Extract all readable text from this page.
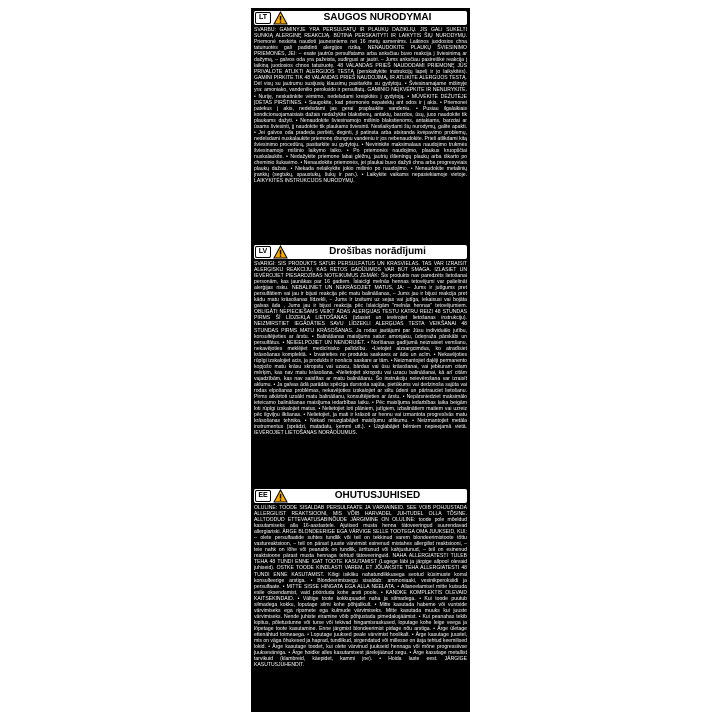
LT	SAUGOS NURODYMAI
SVARBU: GAMINYJE YRA PERSULFATŲ IR PLAUKŲ DAŽIKLIŲ. JIS GALI SUKELTI SUNKIĄ ALERGINĘ REAKCIJĄ. BŪTINA PERSKAITYTI IR LAIKYTIS ŠIŲ NURODYMŲ. Priemonė neskirta naudoti jaunesniems nei 16 metų asmenims. Laikinos juodosios chna tatuiruotės gali padidinti alergijos riziką. NENAUDOKITE PLAUKŲ ŠVIESINIMO PRIEMONĖS, JEI: – esate jautrūs persulfatams arba anksčiau buvo reakcija į šviesinimą ar dažymą, – galvos oda yra pažeista, sudirgusi ar jautri. – Jums anksčiau pasireiškė reakcija į laikiną juodosios chnos tatuiruotę. 48 VALANDAS PRIEŠ NAUDODAMI PRIEMONĘ JŪS PRIVALOTE ATLIKTI ALERGIJOS TESTĄ (perskaitykite instrukcijų lapelį ir jo laikykitės). GAMINI PIRKITE TIK 48 VALANDAS PRIEŠ NAUDOJIMĄ, IR ATLIKITE ALERGIJOS TESTĄ. Dėl visų su jautrumu susijusių klausimų pasitarkite su gydytoju. • Šviesinamajame mišinyje yra: amoniako, vandenilio peroksido ir persulfatų. GAMINIO NEĮKVĖPKITE IR NENURYKITE. • Nuriję, neskatinkite vėmimo, nedelsdami kreipkitės į gydytoją. • MŪVĖKITE DĖŽUTĖJE ĮDĖTAS PIRŠTINES. • Saugokite, kad priemonės nepatektų ant odos ir į akis. • Priemonei patekus į akis, nedelsdami jas gerai praplaukite vandeniu. • Pusiau ilgalaikiais kondicionuojamaisiais dažais nedažykite blakstienų, antakių, barzdos, ūsų, juos naudokite tik plaukams dažyti. • Nenaudokite šviesinamojo mišinio blakstienoms, antakiams, barzdai ar ūsams šviesinti, jį naudokite tik plaukams šviesinti. Nesilaikydami šių nurodymų, galite apakti. • Jei galvos oda pradeda peršėti, deginti, ji patinsta arba atsiranda kvėpavimo problemų, nedelsdami nuskalaukite priemonę drungnu vandeniu ir jos nebenaudokite. Prieš atlikdami kitą šviesinimo procedūrą, pasitarkite su gydytoju. • Nevirinkite maksimalaus naudojimo trukmės šviesinamojo mišinio laikymo laiko. • Po priemonės naudojimo, plaukus kruopščiai nuskalaukite. • Nedažykite priemone labai glėžnų, jautrių išlieningų plaukų arba iškarto po cheminio šukavimo. • Nenaudokite priemonės, jei plaukai buvo dažyti chna arba progresyviais plaukų dažais. • Niekada nelaikykite jokio mišinio po naudojimo. • Nenaudokite metalinių įrankių (segtukų, spaustukų, šukų ir pan.). • Laikykite vaikams nepasiekiamoje vietoje. LAIKYKITĖS INSTRUKCIJOS NURODYMŲ.
LV	Drošības norādījumi
SVARĪGI: ŠIS PRODUKTS SATUR PERSULFĀTUS UN KRĀSVIELAS. TAS VAR IZRAISĪT ALERĢISKU REAKCIJU, KAS RETOS GADĪJUMOS VAR BŪT SMAGA. IZLASIET UN IEVĒROJIET PIESARDZĪBAS NOTEIKUMUS ZEMĀK: Šis produkts nav paredzēts lietošanai personām, kas jaunākas par 16 gadiem. Īslaicīgi melnās hennas tetovējumi var palielināt alerģijas risku. NEBALINIET UN NEKRĀSOJIET MATUS, JA: – Jums ir jutīgums pret persulfātiem vai jau ir bijusi reakcija pēc matu balināšanas, – Jums jau ir bijusi reakcija pret kādu matu krāsošanas līdzekli, – Jums ir izsitumi uz sejas vai jutīga, iekaisusi vai bojāta galvas āda , Jums jau ir bijusi reakcija pēc īslaicīgām "melnās hennas" tetovējumiem. OBLIGĀTI NEPIECIEŠAMS VEIKT ĀDAS ALERĢIJAS TESTU KATRU REIZI 48 STUNDAS PIRMS ŠĪ LĪDZEKĻA LIETOŠANAS (izlasiet un ievērojiet lietošanas instrukciju). NEIZMIRSTIET IEGĀDĀTIES SAVU LĪDZEKLI ALERĢIJAS TESTA VEIKŠANAI 48 STUNDAS PIRMS MATU KRĀSOŠANAS. Ja rodas jautājumi par Jūsu individuālo jutību, konsultējieties ar ārstu. • Balināšanas maisījums satur: amonjaku, ūdeņraža pārskābi un persulfātus. • NEIEELPOJIET UN NENORIJIET. • Norīšanas gadījumā neizraisiet vemšanu, nekavējoties meklējiet medicīnisko palīdzību. •Lietojiet aizsargcimdus, ko atradīsiet krāsošanas komplektā. • Izvairieties no produkta saskares ar ādu un acīm. • Nekavējoties rūpīgi izskalojiet acis, ja produkts ir nonācis saskare ar tām. • Neizmantojiet daļēji permanento kopjošo matu krāsu skropstu vai uzacu, bārdas vai ūsu krāsošanai, vai jebkuram citam mērķim, kas nav matu krāsošana. •Nelietojiet skropstu vai uzacu balināšanai, kā arī citām vajadzībām, kas nav saistītas ar matu balināšanu. Šo instrukciju neievērošana var izraisīt aklumu. • Ja galvas ādā parādās spēcīga durstoša sajūta, pietūkums vai dedzinoša sajūta vai rodas elpošanas problēmas, nekavējoties izskalojiet ar siltu ūdeni un pārtrauciet lietošanu. Pirms atkārtoti uzsākt matu balināšanu, konsultējieties ar ārstu. • Nepārsniedziet maksimālo ieteicamo balināšanas maisījuma iedarbības laiku. • Pēc maisījuma iedarbības laika beigām loti rūpīgi izskalojiet matus. • Nelietojiet loti plāniem, jutīgiem, izbalinātiem matiem vai uzreiz pēc ilgviļņu ilkšanas. • Nelietojiet, ja mati ir krāsoti ar hennu vai izmantota progresīvās matu krāsošanas tehnika. • Nekad neuzglabājiet maisījumu atlikumu. • Neizmantojiet metāla instrumentus (sprādzi, matadatu, ķemmi utt.). • Uzglabājiet bērniem nepieejamā vietā. IEVĒROJIET LIETOŠANAS NORĀDĪJUMUS.
EE	OHUTUSJUHISED
OLULINE: TOODE SISALDAB PERSULFAATE JA VÄRVAINEID. SEE VÕIB PÕHJUSTADA ALLERGILIST REAKTSIOONI, MIS VÕIB HARVADEL JUHTUDEL OLLA TÕSINE. ALLTOODUD ETTEVAATUSABINÕUDE JÄRGIMINE ON OLULINE: toode pole mõeldud kasutamiseks alla 16-aastastele. Ajutised musta henna tätoveeringud suurendavad allergiariski. ÄRGE BLONDEERIGE EGA VÄRVIGE SELLE TOOTEGA OMA JUUKSEID, KUI: – olete persulfaatide suhtes tundlik või teil on tekkinud varem blondeerimistoote tõttu vastureaktsioon, – teil on pärast juuste värvimist esinenud mistahes allergilist reaktsiooni, – teie nahk on lõhe või peanahk on tundlik, ärritunud või kahjustunud, – teil on esinenud reaktsioone pärast musta hennaga tehtud tätoveeringuid. NAHA ALLERGIATESTI TULEB TEHA 48 TUNDI ENNE IGAT TOOTE KASUTAMIST (Lugege läbi ja järgige allpool olevaid juhiseid). OSTKE TOODE KINDLASTI VAREM, ET JÕUAKSITE TEHA ALLERGIATESTI 48 TUNDI ENNE KASUTAMIST. Kõigi isikliku nahatundlikkusega seotud küsimuste korral konsulteerige arstiga. • Blondeerimissegu sisaldab: ammoniaaki, vesinikperoksiidi ja persulfaate. • MITTE SISSE HINGATA EGA ALLA NEELATA. • Allaneelamisel mitte kutsuda esile oksendamist, vaid pöörduda kohe arsti poole. • KANDKE KOMPLEKTIS OLEVAID KAITSEKINDAID. • Vältige toote kokkupuudet naha ja silmadega. • Kui toode puutub silmadega kokku, loputage silmi kohe põhjalikult. • Mitte kasutada habeme või vuntside värvimiseks ega ripsmete ega kulmude värvimiseks. Mitte kasutada muuks kui juuste värvimiseks. Nende juhiste eiramine võib põhjustada pimedaksjäämist. • Kui peanahas tekib kipitus, põletustunne või turse või tekivad hingamisraskused, loputage kohe leige veega ja lõpetage toote kasutamine. Enne järgmist blondeerimist pidage nõu arstiga. • Ärge ületage ettenähtud toimeaega. • Loputage juuksed peale värvimist hoolikalt. • Ärge kasutage juustel, mis on väga õhukesed ja haprad, tundlikud, sirgendatud või millesse on äsja tehtud keemilised lokid. • Ärge kasutage toodet, kui olete värvinud juukseid hennaga või mõne progressiivse juuksevärviga. • Ärge hoidke alles kasutamisest järelejäänud segu. • Ärge kasutage metallist tarvikuid (klambreid, käepidet, kammi jne). • Hoida laste eest. JÄRGIGE KASUTUSJUHENDIT.
